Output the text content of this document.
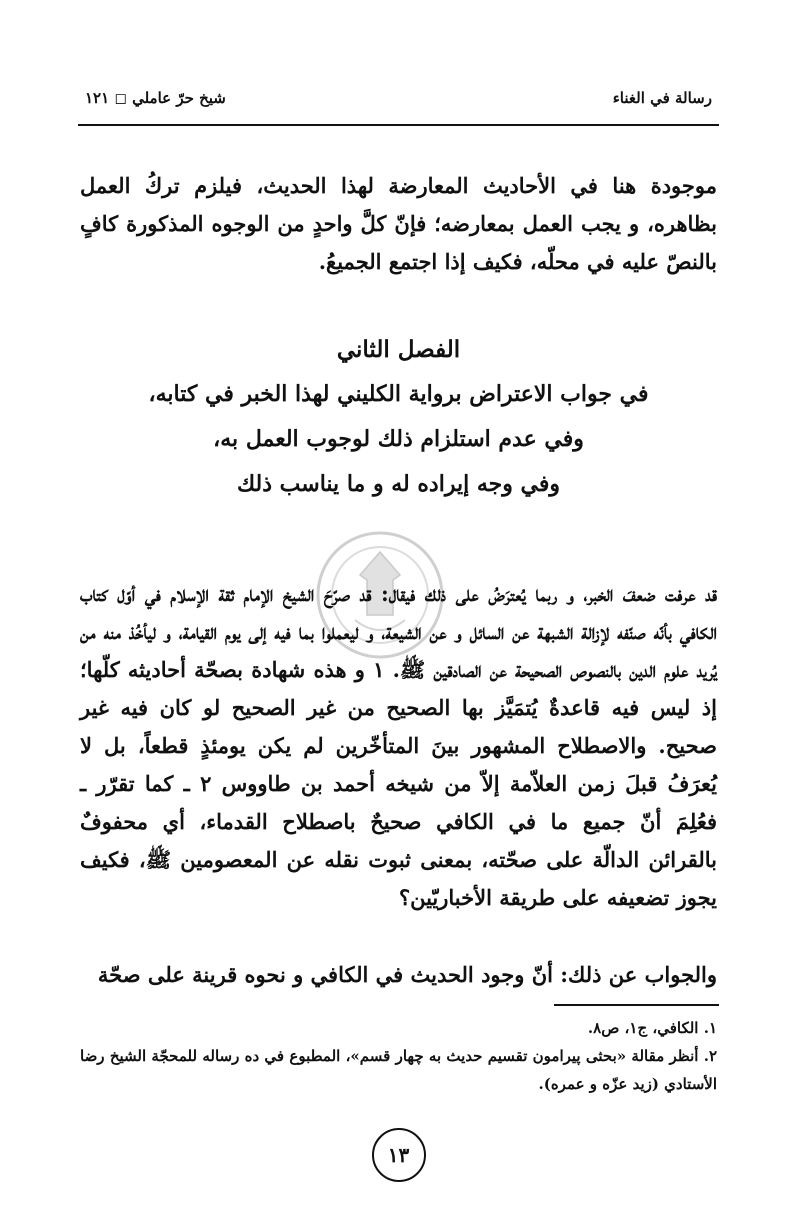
رسالة في الغناء
شيخ حرّ عاملي ◻ ١٢١

موجودة هنا في الأحاديث المعارضة لهذا الحديث، فيلزم تركُ العمل بظاهره، و يجب العمل بمعارضه؛ فإنّ كلَّ واحدٍ من الوجوه المذكورة كافٍ بالنصّ عليه في محلّه، فكيف إذا اجتمع الجميعُ.

الفصل الثاني
في جواب الاعتراض برواية الكليني لهذا الخبر في كتابه،
وفي عدم استلزام ذلك لوجوب العمل به،
وفي وجه إيراده له و ما يناسب ذلك

قد عرفت ضعفَ الخبر، و ربما يُعترَضُ على ذلك فيقال: قد صرّحَ الشيخ الإمام ثقة الإسلام في أوّل كتاب الكافي بأنّه صنّفه لإزالة الشبهة عن السائل و عن الشيعة، و ليعملوا بما فيه إلى يوم القيامة، و ليأخُذ منه من يُريد علوم الدين بالنصوص الصحيحة عن الصادقين ﷺ. ١ و هذه شهادة بصحّة أحاديثه كلّها؛ إذ ليس فيه قاعدةٌ يُتمَيَّز بها الصحيح من غير الصحيح لو كان فيه غير صحيح. والاصطلاح المشهور بينَ المتأخّرين لم يكن يومئذٍ قطعاً، بل لا يُعرَفُ قبلَ زمن العلاّمة إلاّ من شيخه أحمد بن طاووس ٢ ـ كما تقرّر ـ فعُلِمَ أنّ جميع ما في الكافي صحيحٌ باصطلاح القدماء، أي محفوفٌ بالقرائن الدالّة على صحّته، بمعنى ثبوت نقله عن المعصومين ﷺ، فكيف يجوز تضعيفه على طريقة الأخباريّين؟

والجواب عن ذلك: أنّ وجود الحديث في الكافي و نحوه قرينة على صحّة

١. الكافي، ج١، ص٨.

٢. أنظر مقالة «بحثى پيرامون تقسيم حديث به چهار قسم»، المطبوع في ده رساله للمحجّة الشيخ رضا الأستادي (زيد عزّه و عمره).

١٣
